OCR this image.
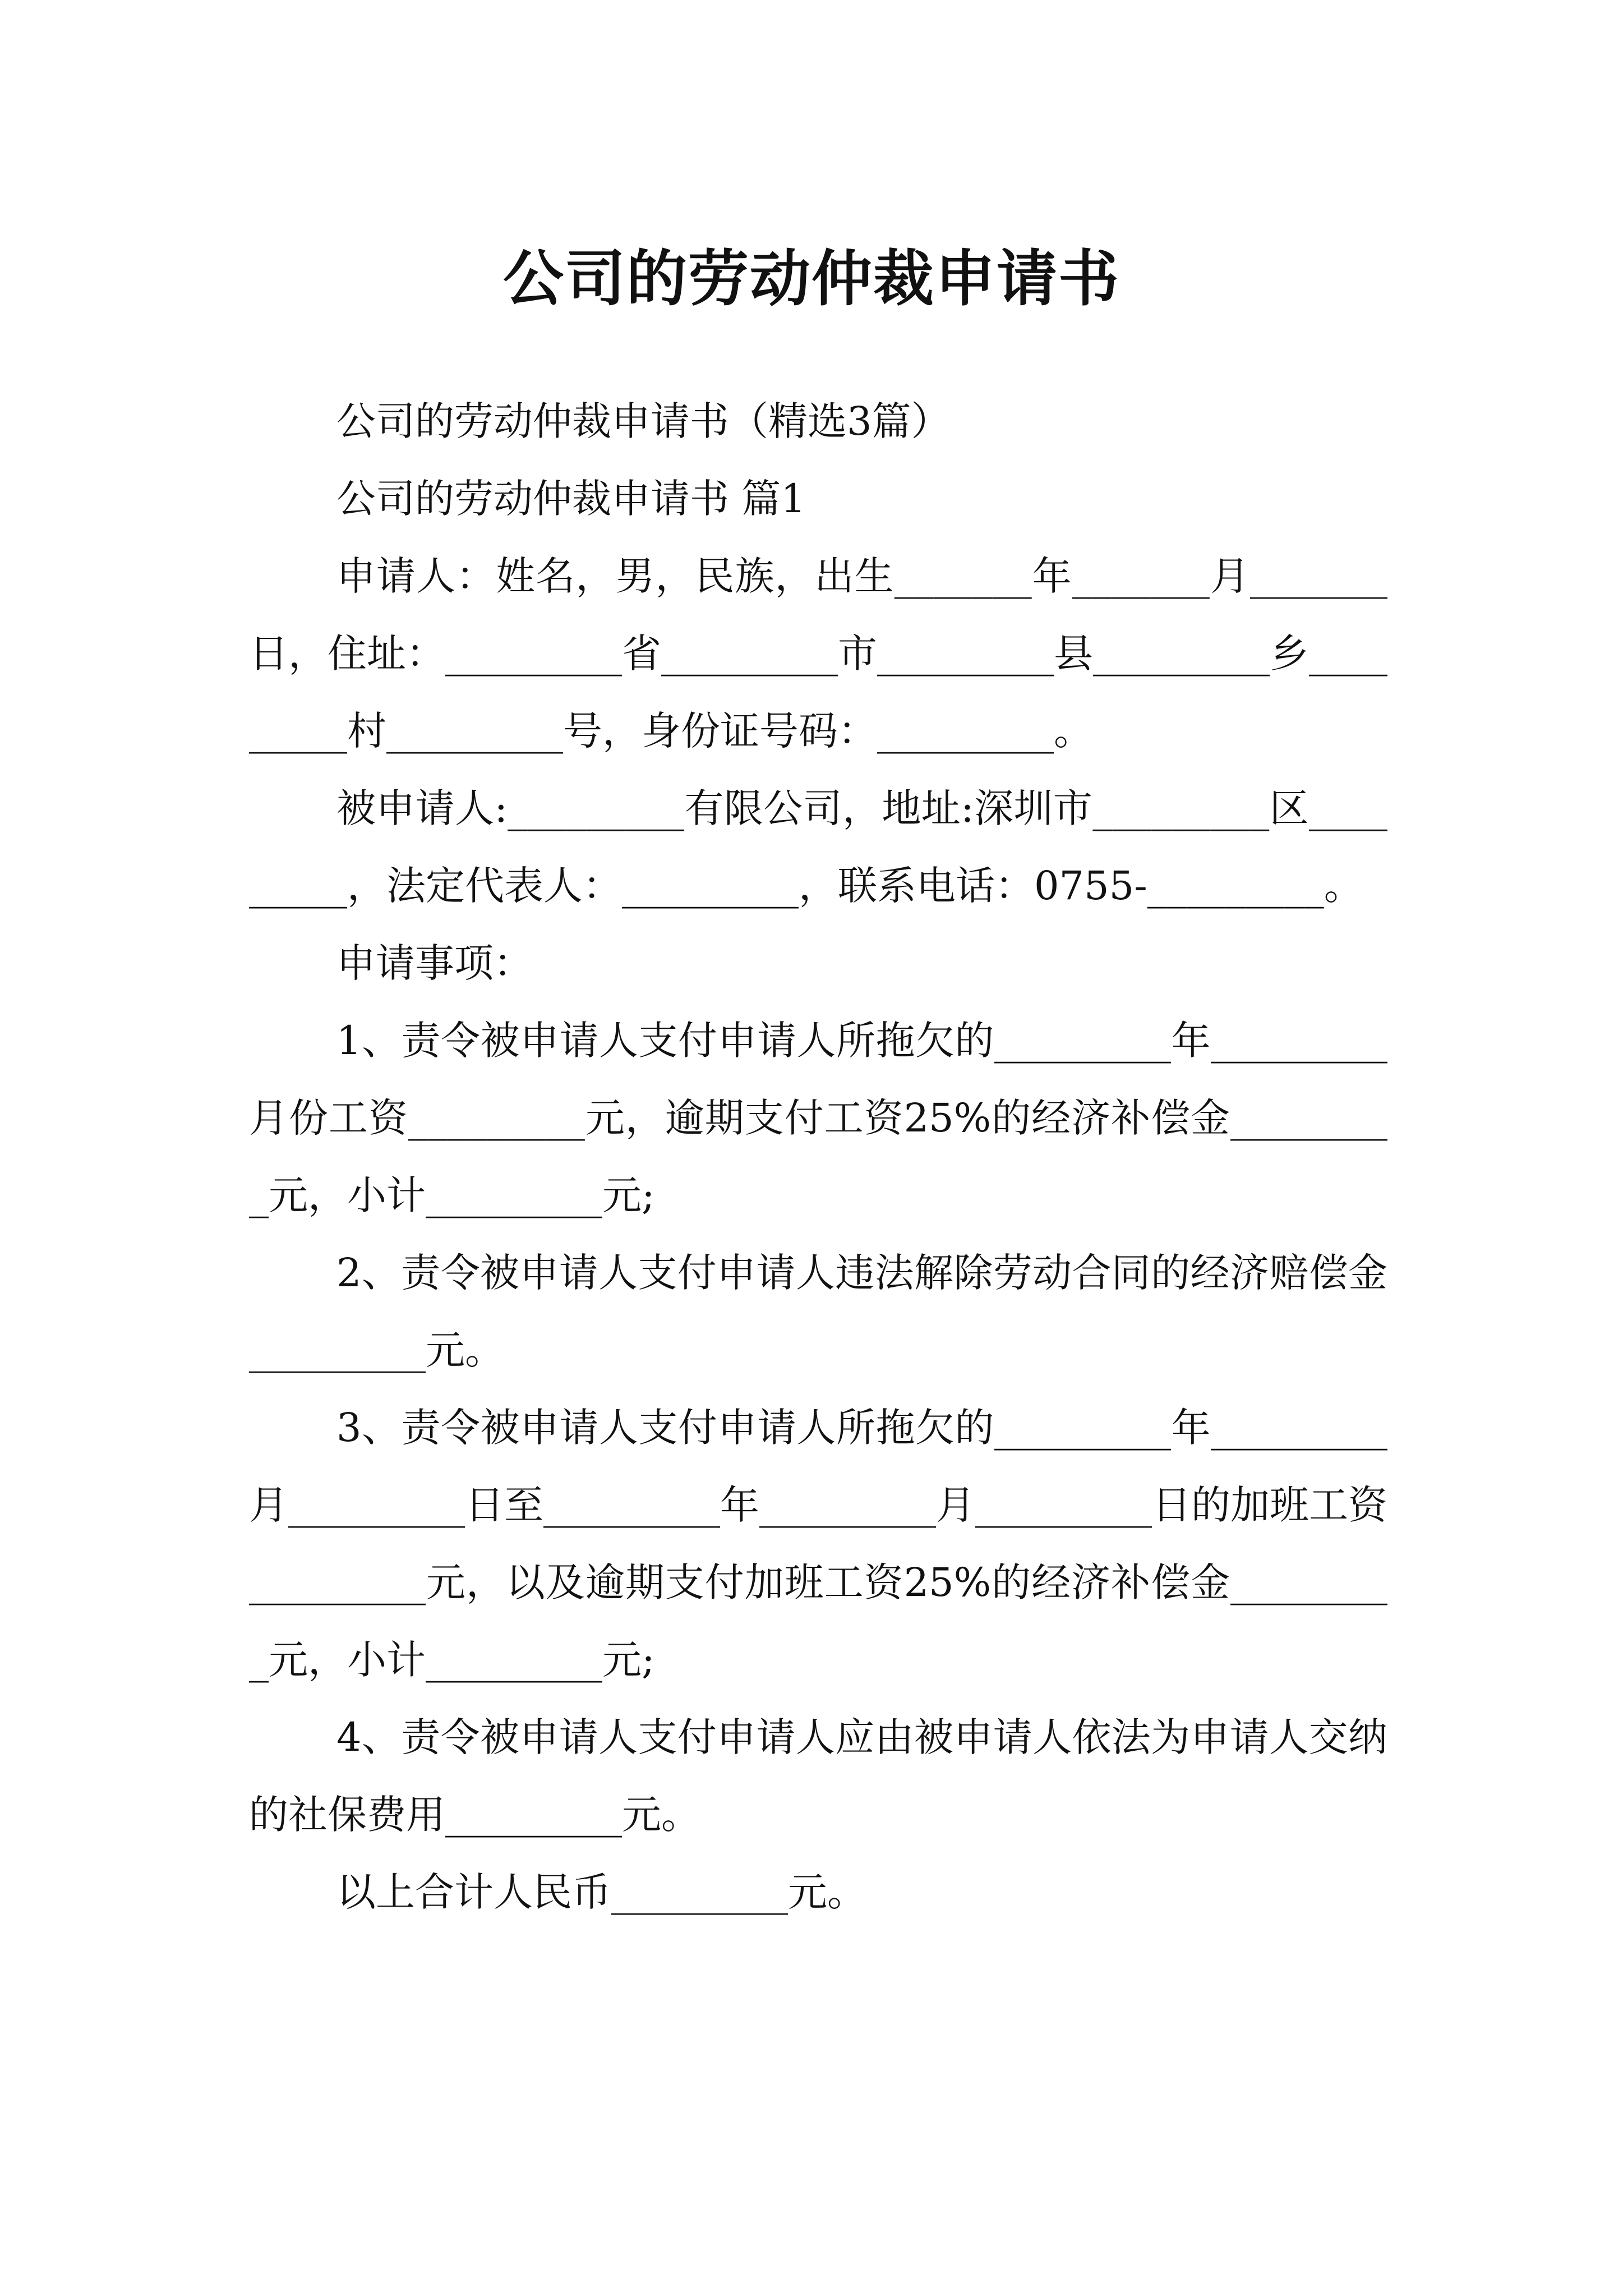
公司的劳动仲裁申请书

公司的劳动仲裁申请书（精选3篇）

公司的劳动仲裁申请书 篇1

申请人：姓名，男，民族，出生_______年_______月_______日，住址：_________省_________市_________县_________乡_________村_________号，身份证号码：_________。

被申请人:_________有限公司，地址:深圳市_________区_________，法定代表人：_________，联系电话：0755-_________。

申请事项：

1、责令被申请人支付申请人所拖欠的_________年_________月份工资_________元，逾期支付工资25%的经济补偿金_________元，小计_________元;

2、责令被申请人支付申请人违法解除劳动合同的经济赔偿金_________元。

3、责令被申请人支付申请人所拖欠的_________年_________月_________日至_________年_________月_________日的加班工资_________元，以及逾期支付加班工资25%的经济补偿金_________元，小计_________元;

4、责令被申请人支付申请人应由被申请人依法为申请人交纳的社保费用_________元。

以上合计人民币_________元。
